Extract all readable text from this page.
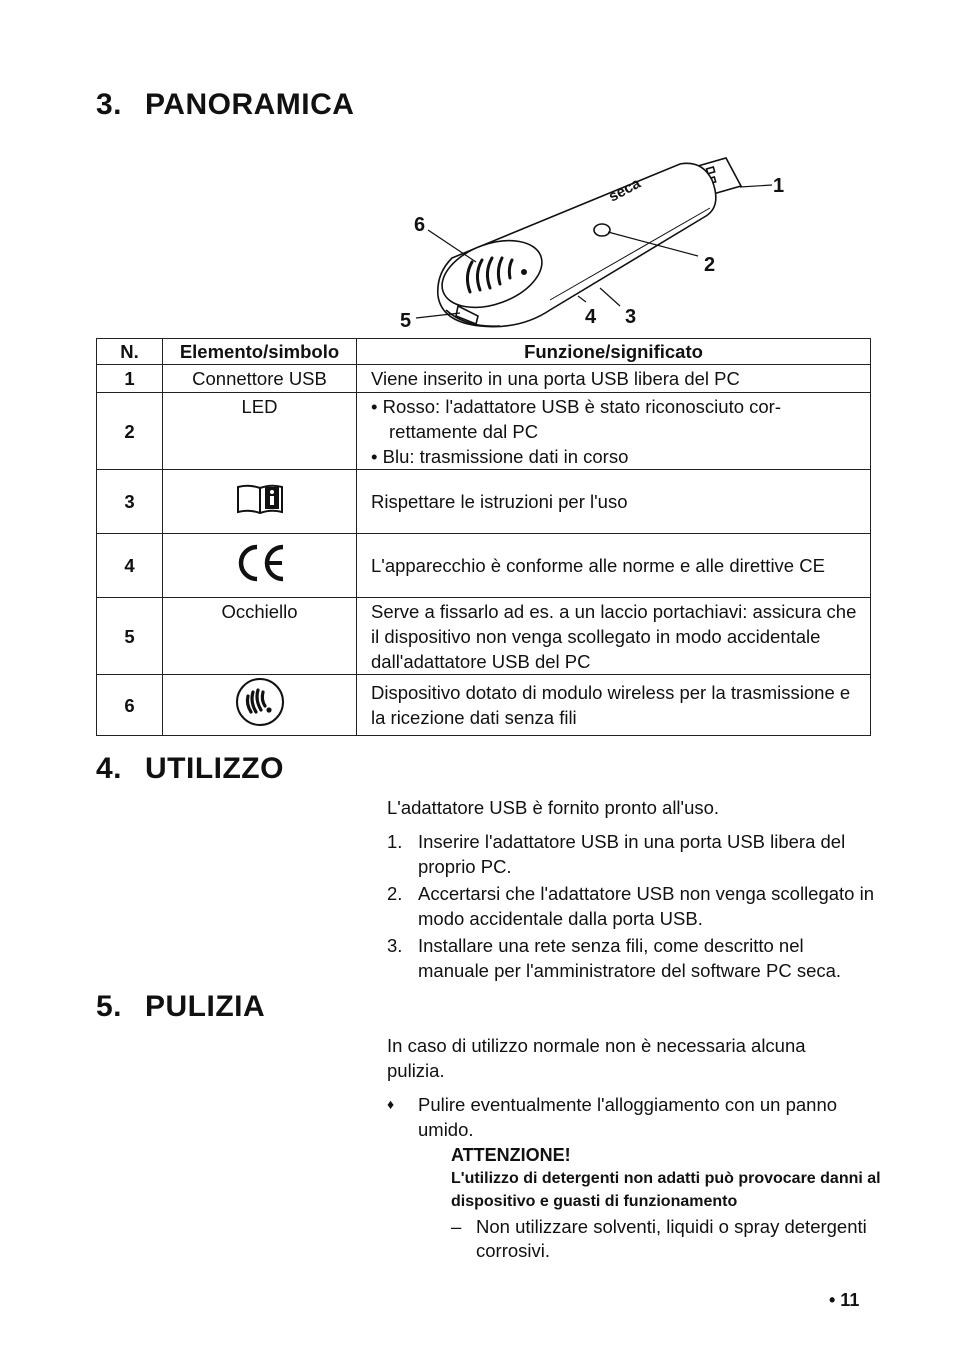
3. PANORAMICA
seca	1
2
3
4
5
6
N.	Elemento/simbolo	Funzione/significato
1	Connettore USB	Viene inserito in una porta USB libera del PC
2	LED	• Rosso: l'adattatore USB è stato riconosciuto cor-rettamente dal PC
• Blu: trasmissione dati in corso

3		Rispettare le istruzioni per l'uso
4		L'apparecchio è conforme alle norme e alle direttive CE
5	Occhiello	Serve a fissarlo ad es. a un laccio portachiavi: assicura che il dispositivo non venga scollegato in modo accidentale dall'adattatore USB del PC
6		Dispositivo dotato di modulo wireless per la trasmissione e la ricezione dati senza fili
4. UTILIZZO
L'adattatore USB è fornito pronto all'uso.
1. Inserire l'adattatore USB in una porta USB libera del proprio PC.
2. Accertarsi che l'adattatore USB non venga scollegato in modo accidentale dalla porta USB.
3. Installare una rete senza fili, come descritto nel manuale per l'amministratore del software PC seca.
5. PULIZIA
In caso di utilizzo normale non è necessaria alcuna pulizia.
♦	Pulire eventualmente l'alloggiamento con un panno umido.
ATTENZIONE!
L'utilizzo di detergenti non adatti può provocare danni al dispositivo e guasti di funzionamento
– Non utilizzare solventi, liquidi o spray detergenti corrosivi.
• 11
